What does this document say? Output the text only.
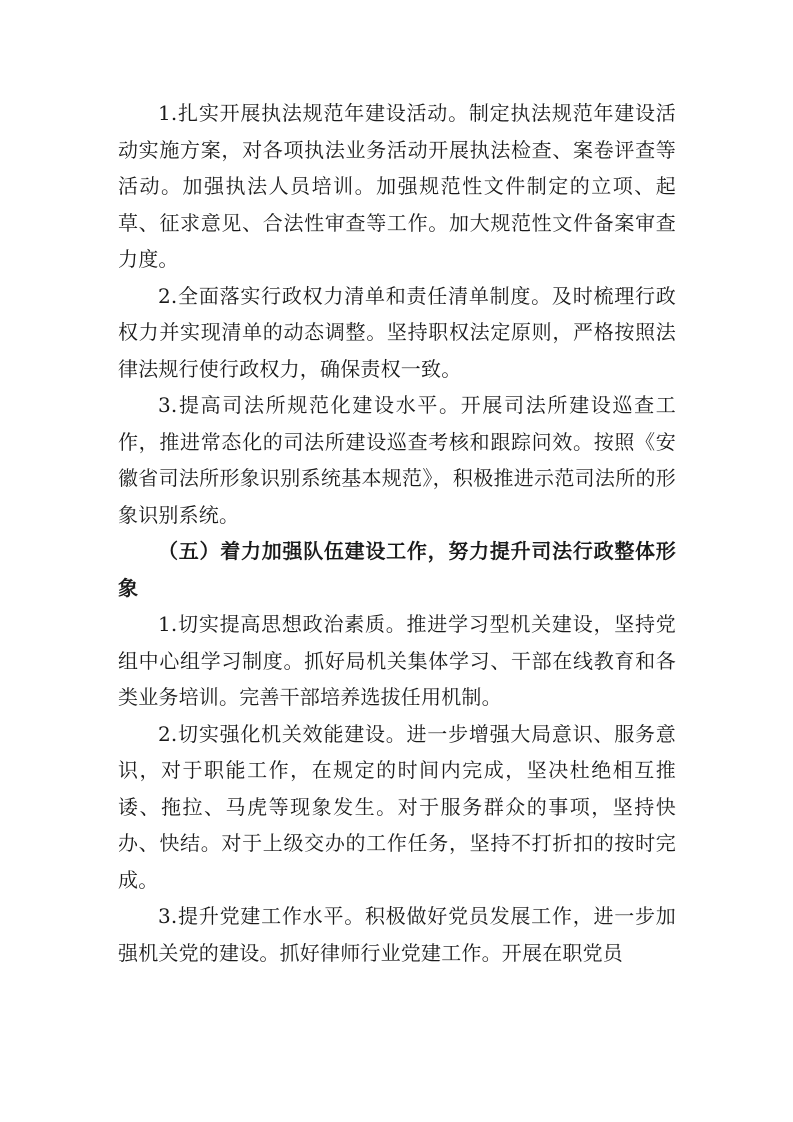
1.扎实开展执法规范年建设活动。制定执法规范年建设活动实施方案，对各项执法业务活动开展执法检查、案卷评查等活动。加强执法人员培训。加强规范性文件制定的立项、起草、征求意见、合法性审查等工作。加大规范性文件备案审查力度。

2.全面落实行政权力清单和责任清单制度。及时梳理行政权力并实现清单的动态调整。坚持职权法定原则，严格按照法律法规行使行政权力，确保责权一致。

3.提高司法所规范化建设水平。开展司法所建设巡查工作，推进常态化的司法所建设巡查考核和跟踪问效。按照《安徽省司法所形象识别系统基本规范》，积极推进示范司法所的形象识别系统。

（五）着力加强队伍建设工作，努力提升司法行政整体形象

1.切实提高思想政治素质。推进学习型机关建设，坚持党组中心组学习制度。抓好局机关集体学习、干部在线教育和各类业务培训。完善干部培养选拔任用机制。

2.切实强化机关效能建设。进一步增强大局意识、服务意识，对于职能工作，在规定的时间内完成，坚决杜绝相互推诿、拖拉、马虎等现象发生。对于服务群众的事项，坚持快办、快结。对于上级交办的工作任务，坚持不打折扣的按时完成。

3.提升党建工作水平。积极做好党员发展工作，进一步加强机关党的建设。抓好律师行业党建工作。开展在职党员
